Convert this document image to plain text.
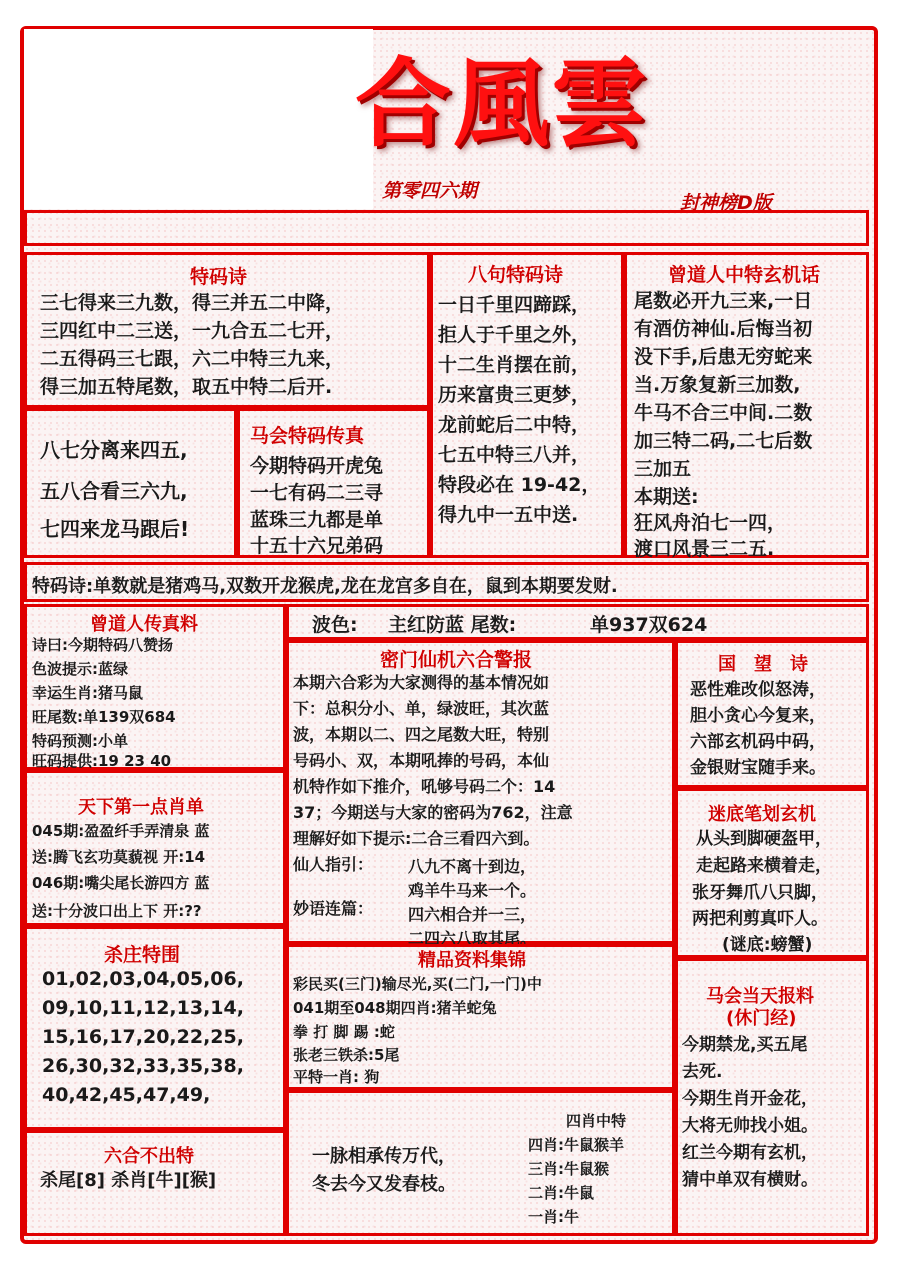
合風雲
第零四六期
封神榜D版
特码诗
三七得来三九数，得三并五二中降，
三四红中二三送，一九合五二七开，
二五得码三七跟，六二中特三九来，
得三加五特尾数，取五中特二后开.
八句特码诗
一日千里四蹄踩，
拒人于千里之外，
十二生肖摆在前，
历来富贵三更梦，
龙前蛇后二中特，
七五中特三八并，
特段必在 19-42，
得九中一五中送.
曾道人中特玄机话
尾数必开九三来,一日
有酒仿神仙.后悔当初
没下手,后患无穷蛇来
当.万象复新三加数,
牛马不合三中间.二数
加三特二码,二七后数
三加五
本期送:
狂风舟泊七一四，
渡口风景三二五.
八七分离来四五,
五八合看三六九,
七四来龙马跟后!
马会特码传真
今期特码开虎兔
一七有码二三寻
蓝珠三九都是单
十五十六兄弟码
特码诗:单数就是猪鸡马,双数开龙猴虎,龙在龙宫多自在，鼠到本期要发财.
曾道人传真料
诗曰:今期特码八赞扬
色波提示:蓝绿
幸运生肖:猪马鼠
旺尾数:单139双684
特码预测:小单
旺码提供:19 23 40
波色: 主红防蓝 尾数:	单937双624
密门仙机六合警报
本期六合彩为大家测得的基本情况如
下：总积分小、单，绿波旺，其次蓝
波，本期以二、四之尾数大旺，特别
号码小、双，本期吼捧的号码，本仙
机特作如下推介，吼够号码二个：14
37；今期送与大家的密码为762，注意
理解好如下提示:二合三看四六到。
仙人指引： 八九不离十到边，
鸡羊牛马来一个。
妙语连篇： 四六相合并一三，
二四六八取其尾。
国　望　诗
恶性难改似怒涛，
胆小贪心今复来，
六部玄机码中码，
金银财宝随手来。
天下第一点肖单
045期:盈盈纤手弄清泉 蓝
送:腾飞玄功莫藐视 开:14
046期:嘴尖尾长游四方 蓝
送:十分波口出上下 开:??
迷底笔划玄机
从头到脚硬盔甲，
走起路来横着走，
张牙舞爪八只脚，
两把利剪真吓人。
(谜底:螃蟹)
杀庄特围
01,02,03,04,05,06,
09,10,11,12,13,14,
15,16,17,20,22,25,
26,30,32,33,35,38,
40,42,45,47,49,
精品资料集锦
彩民买(三门)输尽光,买(二门,一门)中
041期至048期四肖:猪羊蛇兔
拳 打 脚 踢 :蛇
张老三铁杀:5尾
平特一肖: 狗
马会当天报料
(休门经)
今期禁龙,买五尾
去死.
今期生肖开金花，
大将无帅找小姐。
红兰今期有玄机，
猜中单双有横财。
六合不出特
杀尾[8] 杀肖[牛][猴]
一脉相承传万代，
冬去今又发春枝。
四肖中特
四肖:牛鼠猴羊
三肖:牛鼠猴
二肖:牛鼠
一肖:牛
